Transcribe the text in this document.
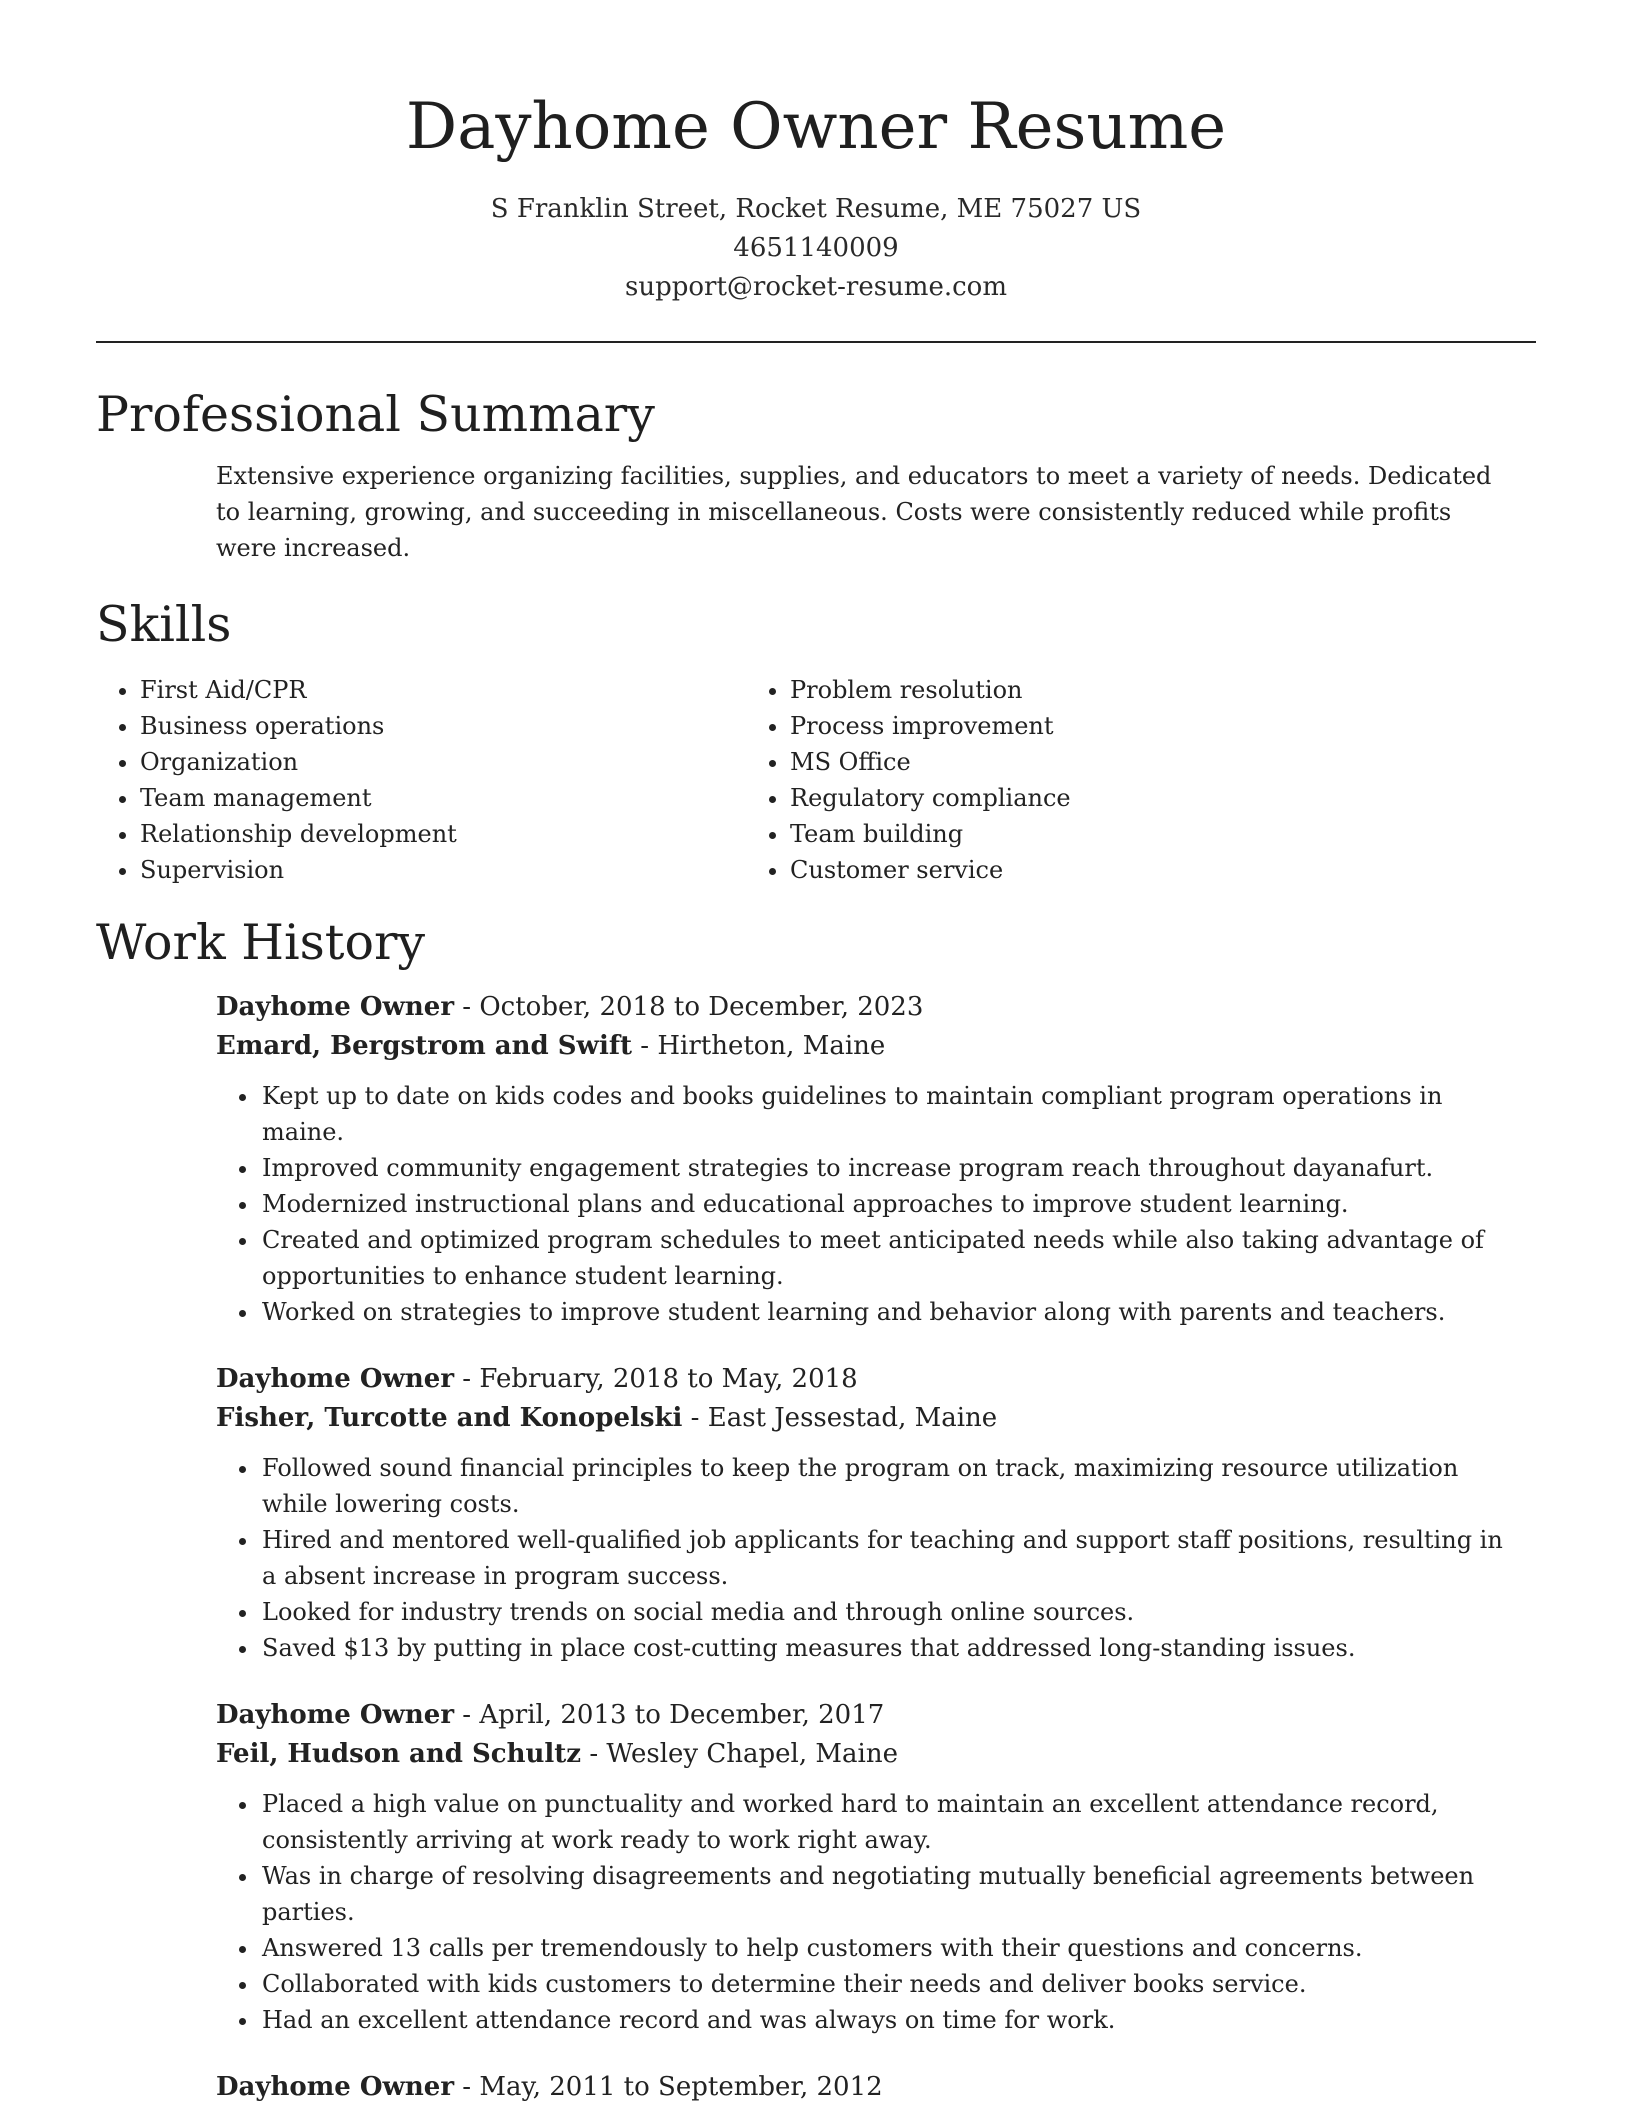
Dayhome Owner Resume
S Franklin Street, Rocket Resume, ME 75027 US
4651140009
support@rocket-resume.com
Professional Summary

Extensive experience organizing facilities, supplies, and educators to meet a variety of needs. Dedicated to learning, growing, and succeeding in miscellaneous. Costs were consistently reduced while profits were increased.

Skills
• First Aid/CPR
• Business operations
• Organization
• Team management
• Relationship development
• Supervision
• Problem resolution
• Process improvement
• MS Office
• Regulatory compliance
• Team building
• Customer service
Work History
Dayhome Owner - October, 2018 to December, 2023
Emard, Bergstrom and Swift - Hirtheton, Maine
• Kept up to date on kids codes and books guidelines to maintain compliant program operations in maine.
• Improved community engagement strategies to increase program reach throughout dayanafurt.
• Modernized instructional plans and educational approaches to improve student learning.
• Created and optimized program schedules to meet anticipated needs while also taking advantage of opportunities to enhance student learning.
• Worked on strategies to improve student learning and behavior along with parents and teachers.
Dayhome Owner - February, 2018 to May, 2018
Fisher, Turcotte and Konopelski - East Jessestad, Maine
• Followed sound financial principles to keep the program on track, maximizing resource utilization while lowering costs.
• Hired and mentored well-qualified job applicants for teaching and support staff positions, resulting in a absent increase in program success.
• Looked for industry trends on social media and through online sources.
• Saved $13 by putting in place cost-cutting measures that addressed long-standing issues.
Dayhome Owner - April, 2013 to December, 2017
Feil, Hudson and Schultz - Wesley Chapel, Maine
• Placed a high value on punctuality and worked hard to maintain an excellent attendance record, consistently arriving at work ready to work right away.
• Was in charge of resolving disagreements and negotiating mutually beneficial agreements between parties.
• Answered 13 calls per tremendously to help customers with their questions and concerns.
• Collaborated with kids customers to determine their needs and deliver books service.
• Had an excellent attendance record and was always on time for work.
Dayhome Owner - May, 2011 to September, 2012
